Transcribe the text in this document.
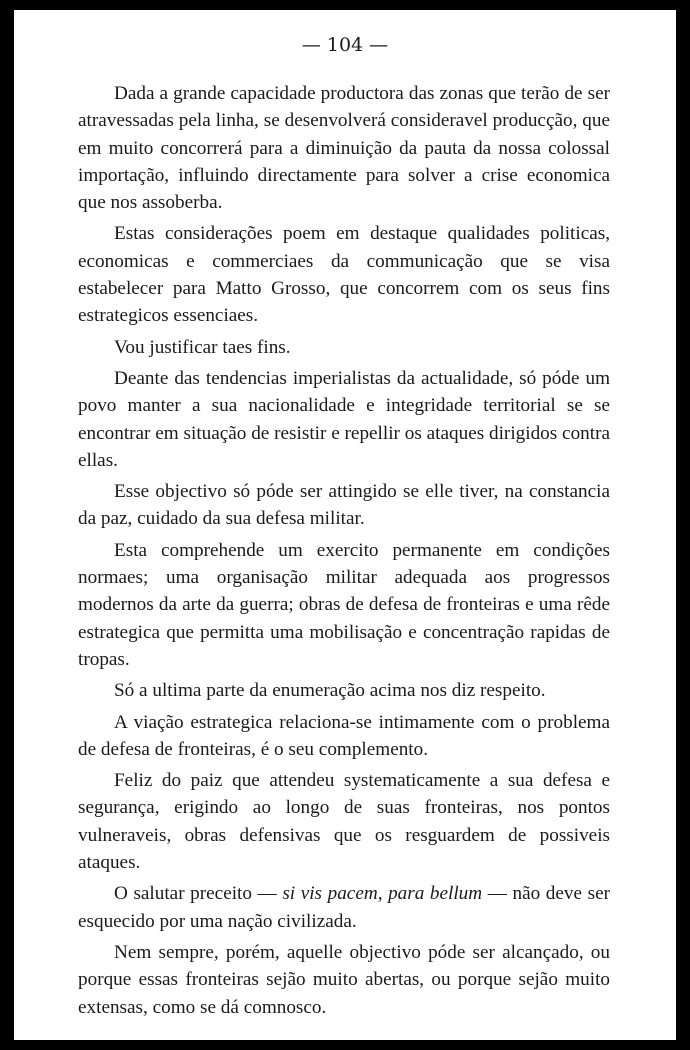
— 104 —

Dada a grande capacidade productora das zonas que terão de ser atravessadas pela linha, se desenvolverá consideravel producção, que em muito concorrerá para a diminuição da pauta da nossa colossal importação, influindo directamente para solver a crise economica que nos assoberba.

Estas considerações poem em destaque qualidades politicas, economicas e commerciaes da communicação que se visa estabelecer para Matto Grosso, que concorrem com os seus fins estrategicos essenciaes.

Vou justificar taes fins.

Deante das tendencias imperialistas da actualidade, só póde um povo manter a sua nacionalidade e integridade territorial se se encontrar em situação de resistir e repellir os ataques dirigidos contra ellas.

Esse objectivo só póde ser attingido se elle tiver, na constancia da paz, cuidado da sua defesa militar.

Esta comprehende um exercito permanente em condições normaes; uma organisação militar adequada aos progressos modernos da arte da guerra; obras de defesa de fronteiras e uma rêde estrategica que permitta uma mobilisação e concentração rapidas de tropas.

Só a ultima parte da enumeração acima nos diz respeito.

A viação estrategica relaciona-se intimamente com o problema de defesa de fronteiras, é o seu complemento.

Feliz do paiz que attendeu systematicamente a sua defesa e segurança, erigindo ao longo de suas fronteiras, nos pontos vulneraveis, obras defensivas que os resguardem de possiveis ataques.

O salutar preceito — si vis pacem, para bellum — não deve ser esquecido por uma nação civilizada.

Nem sempre, porém, aquelle objectivo póde ser alcançado, ou porque essas fronteiras sejão muito abertas, ou porque sejão muito extensas, como se dá comnosco.
